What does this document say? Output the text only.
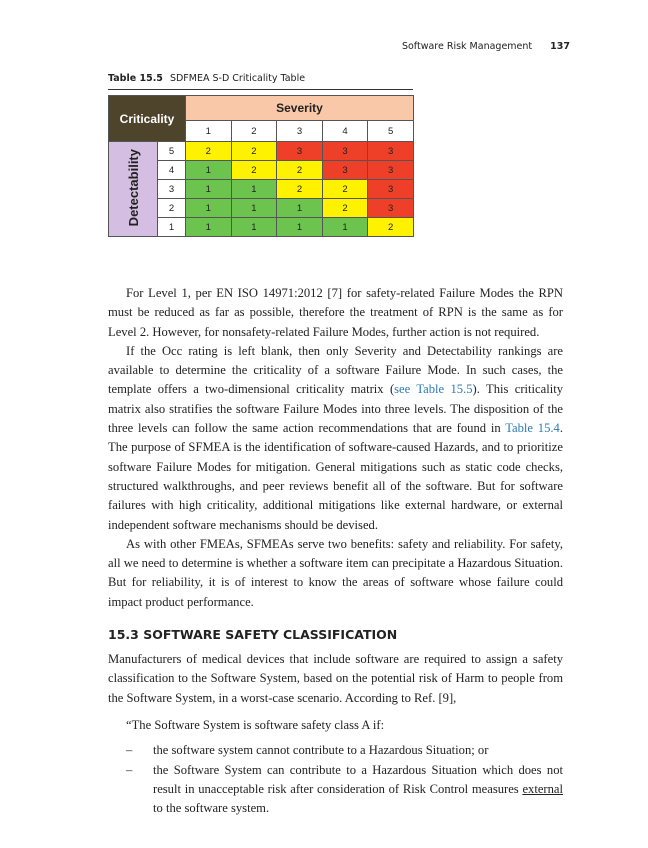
Software Risk Management 137
Table 15.5 SDFMEA S-D Criticality Table
Criticality		Severity				
		1	2	3	4	5
Detectability	5	2	2	3	3	3
	4	1	2	2	3	3
	3	1	1	2	2	3
	2	1	1	1	2	3
	1	1	1	1	1	2

For Level 1, per EN ISO 14971:2012 [7] for safety-related Failure Modes the RPN must be reduced as far as possible, therefore the treatment of RPN is the same as for Level 2. However, for nonsafety-related Failure Modes, further action is not required.

If the Occ rating is left blank, then only Severity and Detectability rankings are available to determine the criticality of a software Failure Mode. In such cases, the template offers a two-dimensional criticality matrix (see Table 15.5). This criticality matrix also stratifies the software Failure Modes into three levels. The disposition of the three levels can follow the same action recommendations that are found in Table 15.4. The purpose of SFMEA is the identification of software-caused Hazards, and to prioritize software Failure Modes for mitigation. General mitigations such as static code checks, structured walkthroughs, and peer reviews benefit all of the software. But for software failures with high criticality, additional mitigations like external hardware, or external independent software mechanisms should be devised.

As with other FMEAs, SFMEAs serve two benefits: safety and reliability. For safety, all we need to determine is whether a software item can precipitate a Hazardous Situation. But for reliability, it is of interest to know the areas of software whose failure could impact product performance.

15.3 SOFTWARE SAFETY CLASSIFICATION

Manufacturers of medical devices that include software are required to assign a safety classification to the Software System, based on the potential risk of Harm to people from the Software System, in a worst-case scenario. According to Ref. [9],

“The Software System is software safety class A if:

– the software system cannot contribute to a Hazardous Situation; or
– the Software System can contribute to a Hazardous Situation which does not result in unacceptable risk after consideration of Risk Control measures external to the software system.
